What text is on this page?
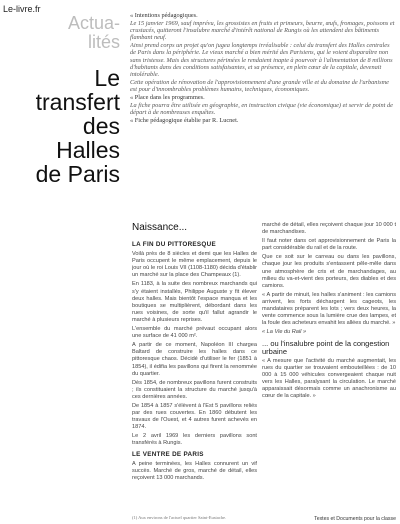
Le-livre.fr
Actua-
lités
Le
transfert
des
Halles
de Paris

« Intentions pédagogiques.

Le 15 janvier 1969, sauf imprévu, les grossistes en fruits et primeurs, beurre, œufs, fromages, poissons et crustacés, quitteront l'insalubre marché d'intérêt national de Rungis où les attendent des bâtiments flambant neuf.

Ainsi prend corps un projet qu'on jugea longtemps irréalisable : celui du transfert des Halles centrales de Paris dans la périphérie. Le vieux marché a bien mérité des Parisiens, qui le voient disparaître non sans tristesse. Mais des structures périmées le rendaient inapte à pourvoir à l'alimentation de 8 millions d'habitants dans des conditions satisfaisantes, et sa présence, en plein cœur de la capitale, devenait intolérable.

Cette opération de rénovation de l'approvisionnement d'une grande ville et du domaine de l'urbanisme est pour d'innombrables problèmes humains, techniques, économiques.

« Place dans les programmes.

La fiche pourra être utilisée en géographie, en instruction civique (vie économique) et servir de point de départ à de nombreuses enquêtes.

« Fiche pédagogique établie par R. Lucnet.

Naissance...
LA FIN DU PITTORESQUE

Voilà près de 8 siècles et demi que les Halles de Paris occupent le même emplacement, depuis le jour où le roi Louis VII (1108-1180) décida d'établir un marché sur la place des Champeaux (1).

En 1183, à la suite des nombreux marchands qui s'y étaient installés, Philippe Auguste y fit élever deux halles. Mais bientôt l'espace manqua et les boutiques se multiplièrent, débordant dans les rues voisines, de sorte qu'il fallut agrandir le marché à plusieurs reprises.

L'ensemble du marché prévaut occupant alors une surface de 41 000 m².

A partir de ce moment, Napoléon III chargea Baltard de construire les halles dans ce pittoresque chaos. Décidé d'utiliser le fer (1851 à 1854), il édifia les pavillons qui firent la renommée du quartier.

Dès 1854, de nombreux pavillons furent construits ; ils constituaient la structure du marché jusqu'à ces dernières années.

De 1854 à 1857 s'élèvent à l'Est 5 pavillons reliés par des rues couvertes. En 1860 débutent les travaux de l'Ouest, et 4 autres furent achevés en 1874.

Le 2 avril 1969 les derniers pavillons sont transférés à Rungis.

LE VENTRE DE PARIS

A peine terminées, les Halles connurent un vif succès. Marché de gros, marché de détail, elles reçoivent 13 000 marchands.

marché de détail, elles reçoivent chaque jour 10 000 t de marchandises.

Il faut noter dans cet approvisionnement de Paris la part considérable du rail et de la route.

Que ce soit sur le carreau ou dans les pavillons, chaque jour les produits s'entassent pêle-mêle dans une atmosphère de cris et de marchandages, au milieu du va-et-vient des porteurs, des diables et des camions.

« A partir de minuit, les halles s'animent : les camions arrivent, les forts déchargent les cageots, les mandataires préparent les lots ; vers deux heures, la vente commence sous la lumière crue des lampes, et la foule des acheteurs envahit les allées du marché. »

« La Vie du Rail »

... ou l'insalubre point de la congestion urbaine

« A mesure que l'activité du marché augmentait, les rues du quartier se trouvaient embouteillées : de 10 000 à 15 000 véhicules convergeaient chaque nuit vers les Halles, paralysant la circulation. Le marché apparaissait désormais comme un anachronisme au cœur de la capitale. »

(1) Aux environs de l'actuel quartier Saint-Eustache.	Textes et Documents pour la classe
